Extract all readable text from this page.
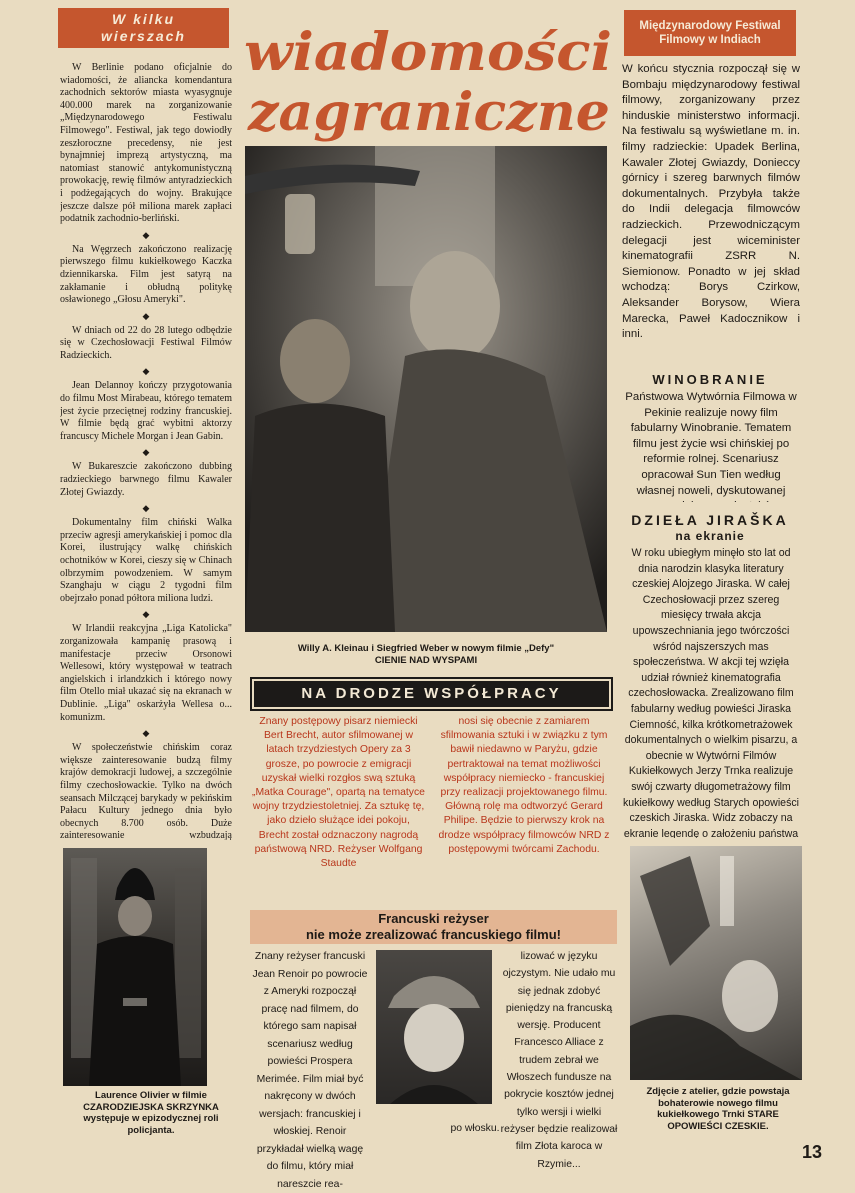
W kilku
wierszach

W Berlinie podano oficjalnie do wiadomości, że aliancka komendantura zachodnich sektorów miasta wyasygnuje 400.000 marek na zorganizowanie „Międzynarodowego Festiwalu Filmowego". Festiwal, jak tego dowiodły zeszłoroczne precedensy, nie jest bynajmniej imprezą artystyczną, ma natomiast stanowić antykomunistyczną prowokację, rewię filmów antyradzieckich i podżegających do wojny. Brakujące jeszcze dalsze pół miliona marek zapłaci podatnik zachodnio-berliński.

◆

Na Węgrzech zakończono realizację pierwszego filmu kukiełkowego Kaczka dziennikarska. Film jest satyrą na zakłamanie i obłudną politykę osławionego „Głosu Ameryki".

◆

W dniach od 22 do 28 lutego odbędzie się w Czechosłowacji Festiwal Filmów Radzieckich.

◆

Jean Delannoy kończy przygotowania do filmu Most Mirabeau, którego tematem jest życie przeciętnej rodziny francuskiej. W filmie będą grać wybitni aktorzy francuscy Michele Morgan i Jean Gabin.

◆

W Bukareszcie zakończono dubbing radzieckiego barwnego filmu Kawaler Złotej Gwiazdy.

◆

Dokumentalny film chiński Walka przeciw agresji amerykańskiej i pomoc dla Korei, ilustrujący walkę chińskich ochotników w Korei, cieszy się w Chinach olbrzymim powodzeniem. W samym Szanghaju w ciągu 2 tygodni film obejrzało ponad półtora miliona ludzi.

◆

W Irlandii reakcyjna „Liga Katolicka" zorganizowała kampanię prasową i manifestacje przeciw Orsonowi Wellesowi, który występował w teatrach angielskich i irlandzkich i którego nowy film Otello miał ukazać się na ekranach w Dublinie. „Liga" oskarżyła Wellesa o... komunizm.

◆

W społeczeństwie chińskim coraz większe zainteresowanie budzą filmy krajów demokracji ludowej, a szczególnie filmy czechosłowackie. Tylko na dwóch seansach Milczącej barykady w pekińskim Pałacu Kultury jednego dnia było obecnych 8.700 osób. Duże zainteresowanie wzbudzają

Laurence Olivier w filmie CZARODZIEJSKA SKRZYNKA występuje w epizodycznej roli policjanta.
wiadomości
zagraniczne
Willy A. Kleinau i Siegfried Weber w nowym filmie „Defy"
CIENIE NAD WYSPAMI
NA DRODZE WSPÓŁPRACY
Znany postępowy pisarz niemiecki Bert Brecht, autor sfilmowanej w latach trzydziestych Opery za 3 grosze, po powrocie z emigracji uzyskał wielki rozgłos swą sztuką „Matka Courage", opartą na tematyce wojny trzydziestoletniej. Za sztukę tę, jako dzieło służące idei pokoju, Brecht został odznaczony nagrodą państwową NRD. Reżyser Wolfgang Staudte
nosi się obecnie z zamiarem sfilmowania sztuki i w związku z tym bawił niedawno w Paryżu, gdzie pertraktował na temat możliwości współpracy niemiecko - francuskiej przy realizacji projektowanego filmu. Główną rolę ma odtworzyć Gerard Philipe. Będzie to pierwszy krok na drodze współpracy filmowców NRD z postępowymi twórcami Zachodu.
Francuski reżyser
nie może zrealizować francuskiego filmu!
Znany reżyser francuski Jean Renoir po powrocie z Ameryki rozpoczął pracę nad filmem, do którego sam napisał scenariusz według powieści Prospera Merimée. Film miał być nakręcony w dwóch wersjach: francuskiej i włoskiej. Renoir przykładał wielką wagę do filmu, który miał nareszcie rea-
lizować w języku ojczystym. Nie udało mu się jednak zdobyć pieniędzy na francuską wersję. Producent Francesco Alliace z trudem zebrał we Włoszech fundusze na pokrycie kosztów jednej tylko wersji i wielki reżyser będzie realizował film Złota karoca w Rzymie...
po włosku.
Międzynarodowy Festiwal
Filmowy w Indiach
W końcu stycznia rozpoczął się w Bombaju międzynarodowy festiwal filmowy, zorganizowany przez hinduskie ministerstwo informacji. Na festiwalu są wyświetlane m. in. filmy radzieckie: Upadek Berlina, Kawaler Złotej Gwiazdy, Donieccy górnicy i szereg barwnych filmów dokumentalnych. Przybyła także do Indii delegacja filmowców radzieckich. Przewodniczącym delegacji jest wiceminister kinematografii ZSRR N. Siemionow. Ponadto w jej skład wchodzą: Borys Czirkow, Aleksander Borysow, Wiera Marecka, Paweł Kadocznikow i inni.
WINOBRANIE
Państwowa Wytwórnia Filmowa w Pekinie realizuje nowy film fabularny Winobranie. Tematem filmu jest życie wsi chińskiej po reformie rolnej. Scenariusz opracował Sun Tien według własnej noweli, dyskutowanej
DZIEŁA JIRAŠKA
na ekranie
W roku ubiegłym minęło sto lat od dnia narodzin klasyka literatury czeskiej Alojzego Jiraska. W całej Czechosłowacji przez szereg miesięcy trwała akcja upowszechniania jego twórczości wśród najszerszych mas społeczeństwa. W akcji tej wzięła udział również kinematografia czechosłowacka. Zrealizowano film fabularny według powieści Jiraska Ciemność, kilka krótkometrażowek dokumentalnych o wielkim pisarzu, a obecnie w Wytwórni Filmów Kukiełkowych Jerzy Trnka realizuje swój czwarty długometrażowy film kukiełkowy według Starych opowieści czeskich Jiraska. Widz zobaczy na ekranie legendę o założeniu państwa
Zdjęcie z atelier, gdzie powstaja bohaterowie nowego filmu kukiełkowego Trnki STARE OPOWIEŚCI CZESKIE.
13
